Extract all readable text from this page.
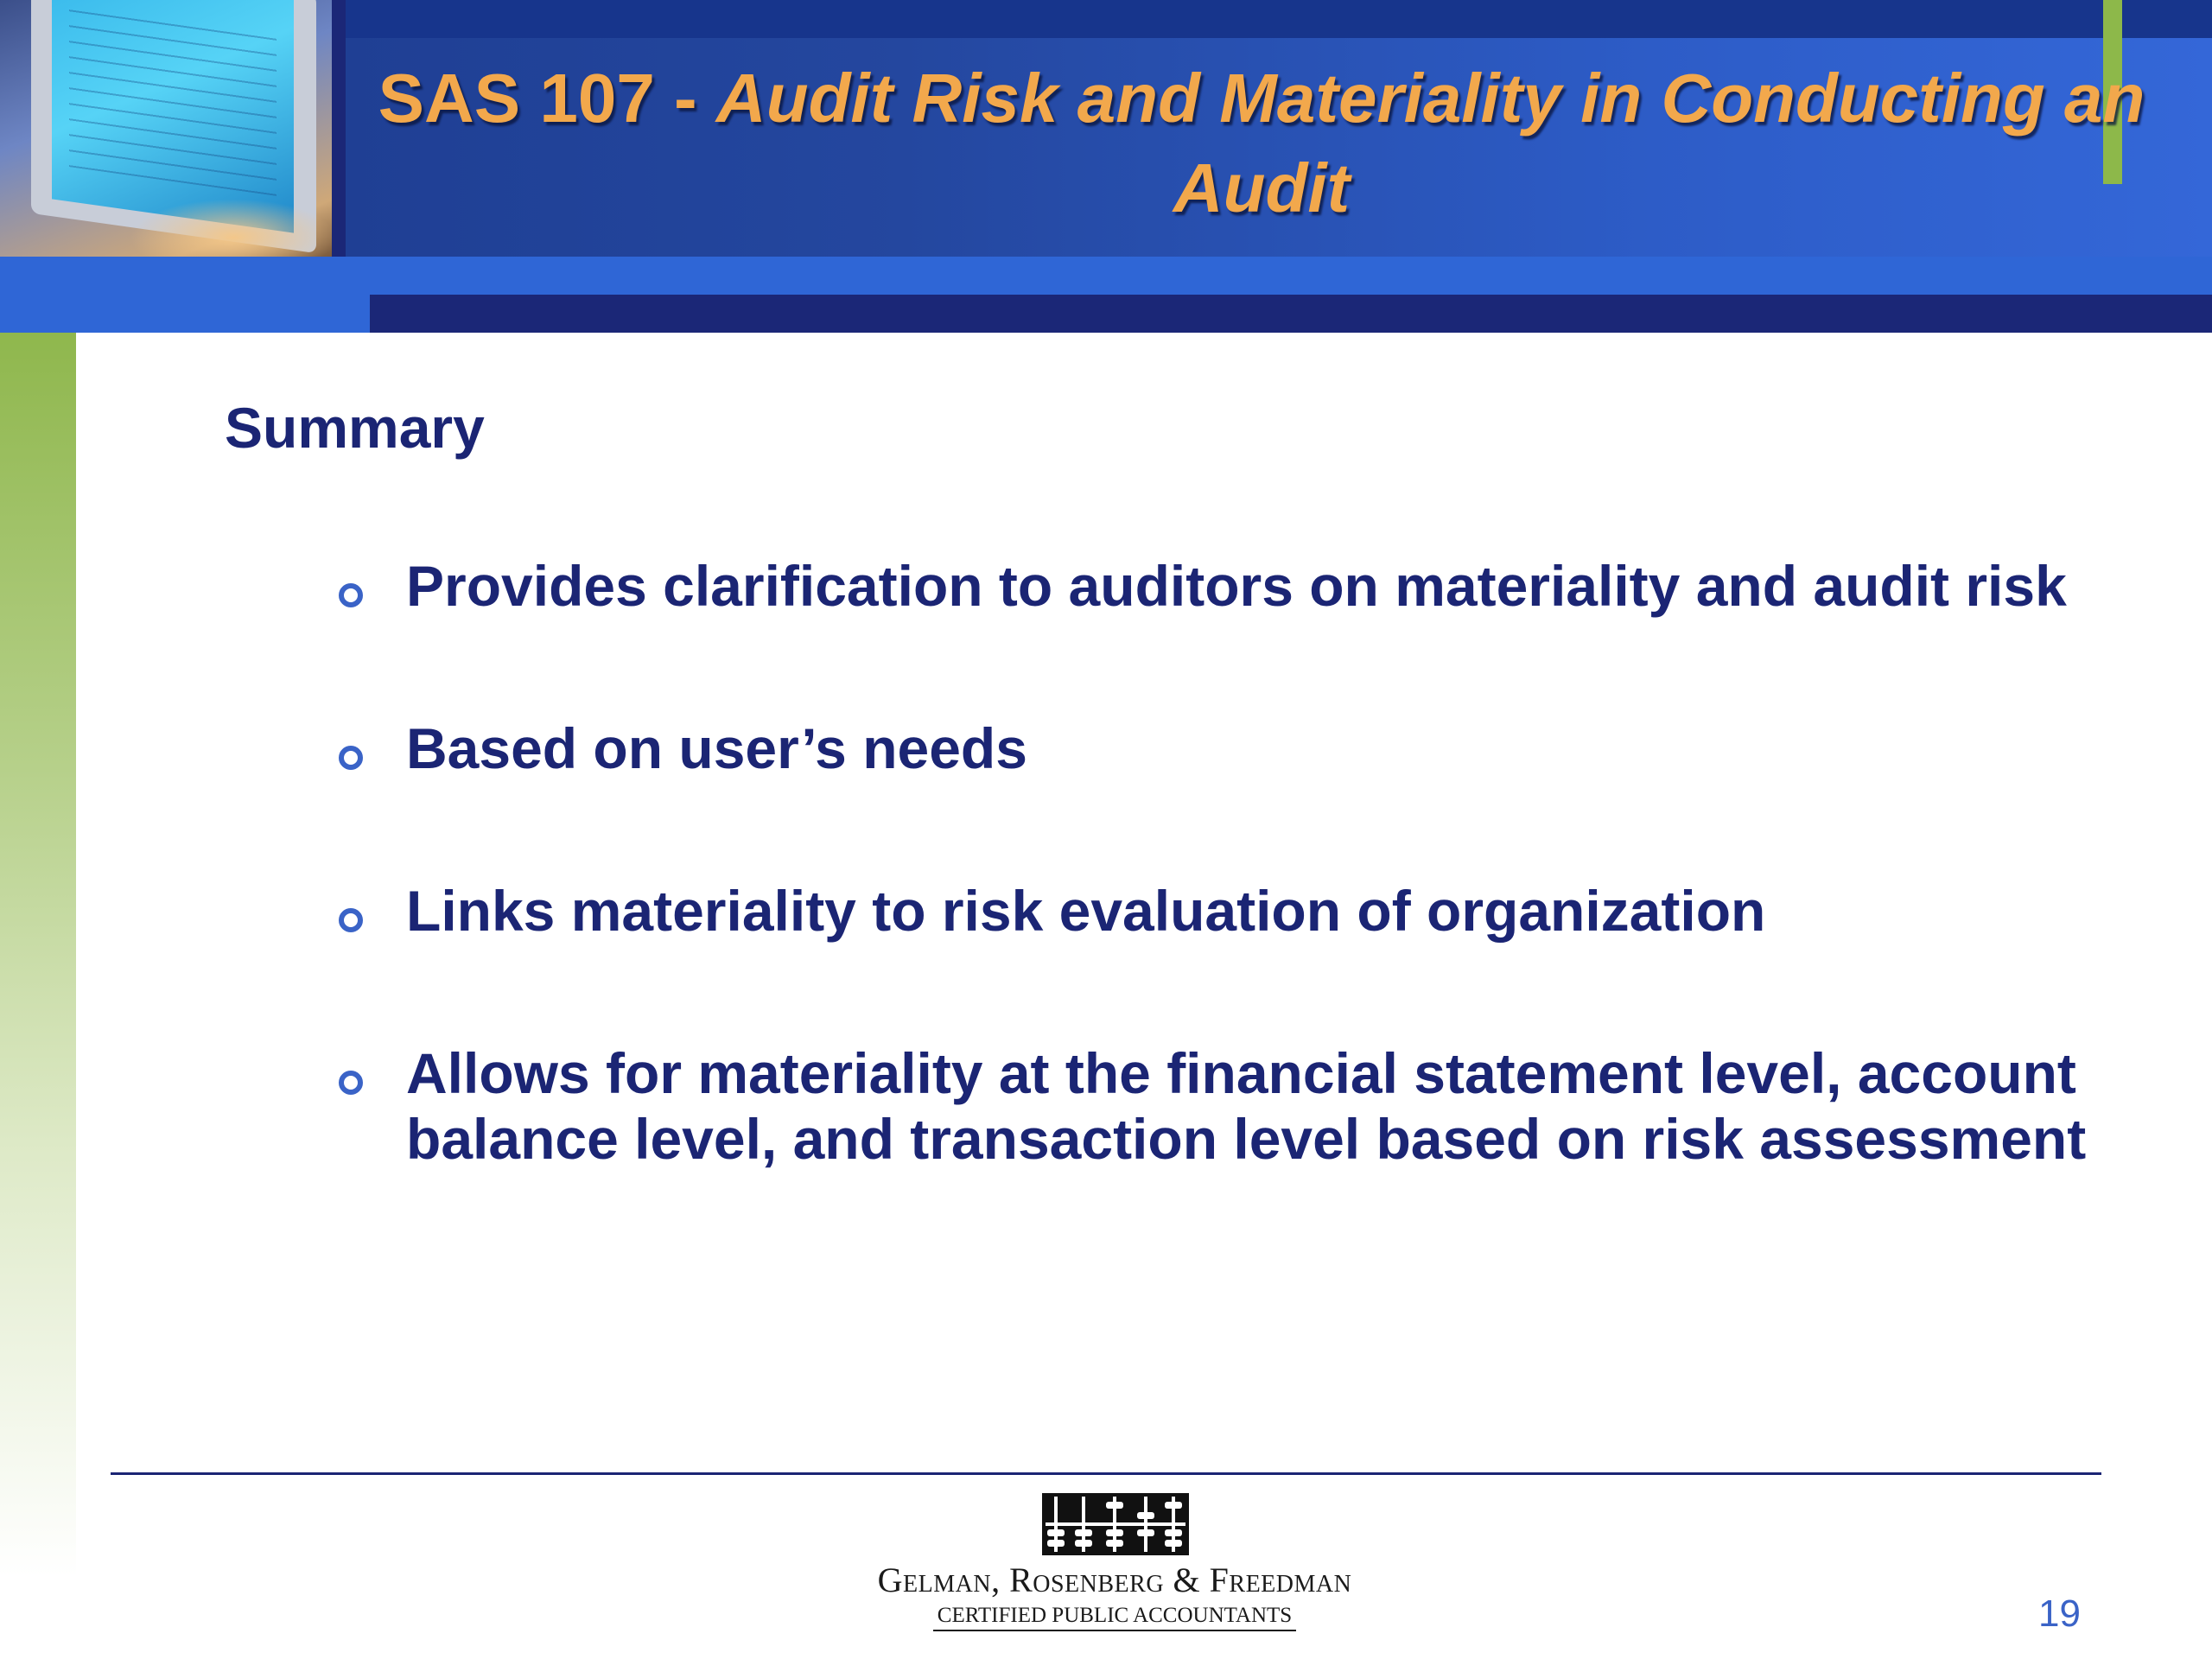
SAS 107 - Audit Risk and Materiality in Conducting an Audit
Summary
Provides clarification to auditors on materiality and audit risk
Based on user’s needs
Links materiality to risk evaluation of organization
Allows for materiality at the financial statement level, account balance level, and transaction level based on risk assessment
Gelman, Rosenberg & Freedman
CERTIFIED PUBLIC ACCOUNTANTS	19
